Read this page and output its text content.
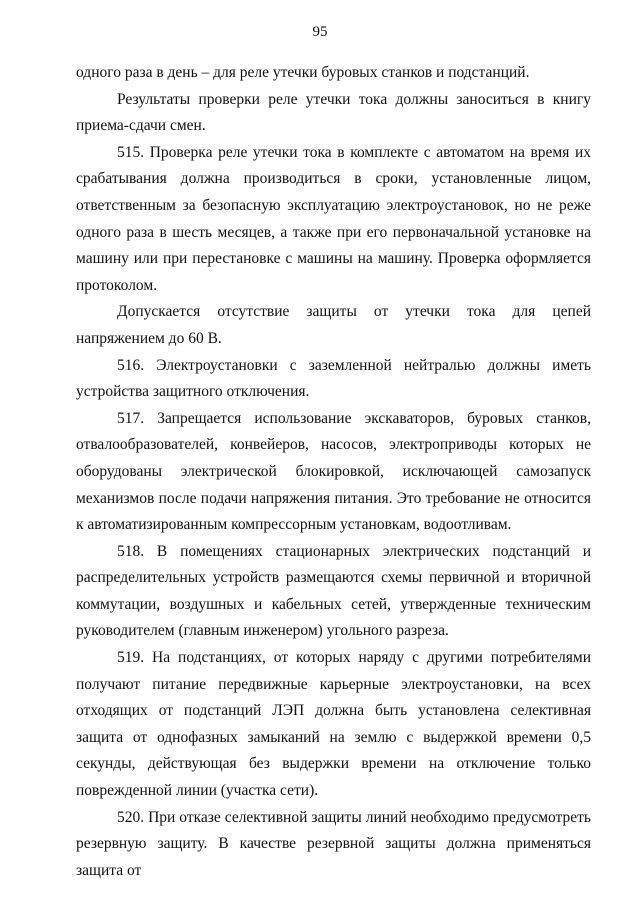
95

одного раза в день – для реле утечки буровых станков и подстанций.

Результаты проверки реле утечки тока должны заноситься в книгу приема-сдачи смен.

515. Проверка реле утечки тока в комплекте с автоматом на время их срабатывания должна производиться в сроки, установленные лицом, ответственным за безопасную эксплуатацию электроустановок, но не реже одного раза в шесть месяцев, а также при его первоначальной установке на машину или при перестановке с машины на машину. Проверка оформляется протоколом.

Допускается отсутствие защиты от утечки тока для цепей напряжением до 60 В.

516. Электроустановки с заземленной нейтралью должны иметь устройства защитного отключения.

517. Запрещается использование экскаваторов, буровых станков, отвалообразователей, конвейеров, насосов, электроприводы которых не оборудованы электрической блокировкой, исключающей самозапуск механизмов после подачи напряжения питания. Это требование не относится к автоматизированным компрессорным установкам, водоотливам.

518. В помещениях стационарных электрических подстанций и распределительных устройств размещаются схемы первичной и вторичной коммутации, воздушных и кабельных сетей, утвержденные техническим руководителем (главным инженером) угольного разреза.

519. На подстанциях, от которых наряду с другими потребителями получают питание передвижные карьерные электроустановки, на всех отходящих от подстанций ЛЭП должна быть установлена селективная защита от однофазных замыканий на землю с выдержкой времени 0,5 секунды, действующая без выдержки времени на отключение только поврежденной линии (участка сети).

520. При отказе селективной защиты линий необходимо предусмотреть резервную защиту. В качестве резервной защиты должна применяться защита от
